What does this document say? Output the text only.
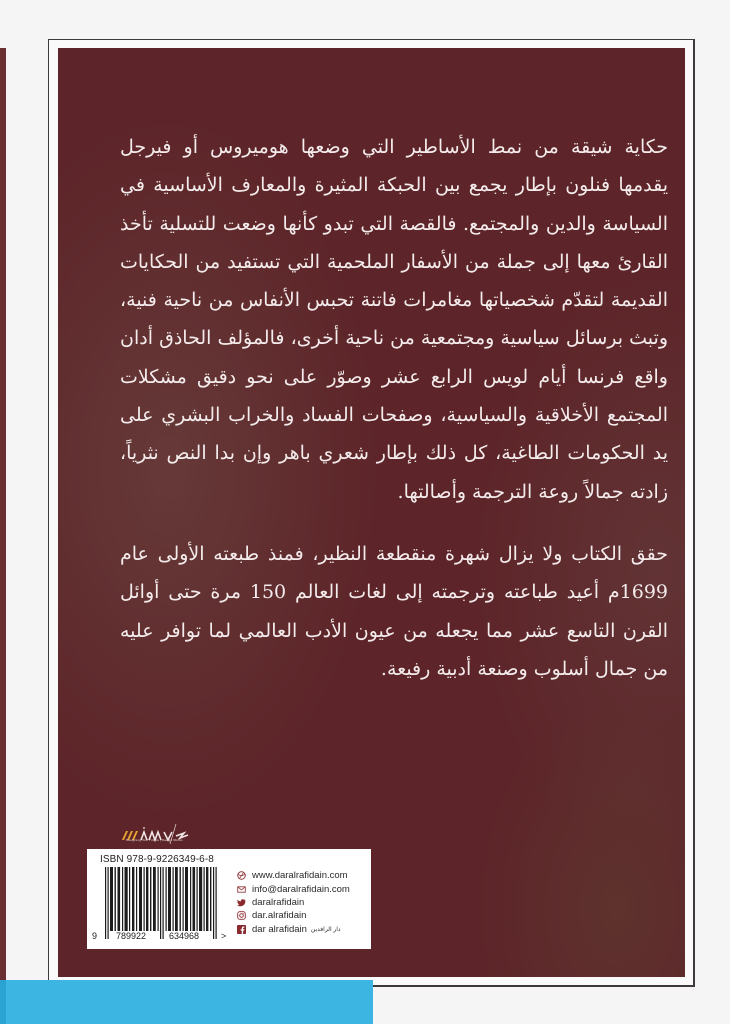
حكاية شيقة من نمط الأساطير التي وضعها هوميروس أو فيرجل يقدمها فنلون بإطار يجمع بين الحبكة المثيرة والمعارف الأساسية في السياسة والدين والمجتمع. فالقصة التي تبدو كأنها وضعت للتسلية تأخذ القارئ معها إلى جملة من الأسفار الملحمية التي تستفيد من الحكايات القديمة لتقدّم شخصياتها مغامرات فاتنة تحبس الأنفاس من ناحية فنية، وتبث برسائل سياسية ومجتمعية من ناحية أخرى، فالمؤلف الحاذق أدان واقع فرنسا أيام لويس الرابع عشر وصوّر على نحو دقيق مشكلات المجتمع الأخلاقية والسياسية، وصفحات الفساد والخراب البشري على يد الحكومات الطاغية، كل ذلك بإطار شعري باهر وإن بدا النص نثرياً، زادته جمالاً روعة الترجمة وأصالتها.

حقق الكتاب ولا يزال شهرة منقطعة النظير، فمنذ طبعته الأولى عام 1699م أعيد طباعته وترجمته إلى لغات العالم 150 مرة حتى أوائل القرن التاسع عشر مما يجعله من عيون الأدب العالمي لما توافر عليه من جمال أسلوب وصنعة أدبية رفيعة.

Designing Your Future | Design Studio
ISBN 978-9-9226349-6-8
9 789922	634968 >
www.daralrafidain.com
info@daralrafidain.com
daralrafidain
dar.alrafidain
dar alrafidain دار الرافدين
